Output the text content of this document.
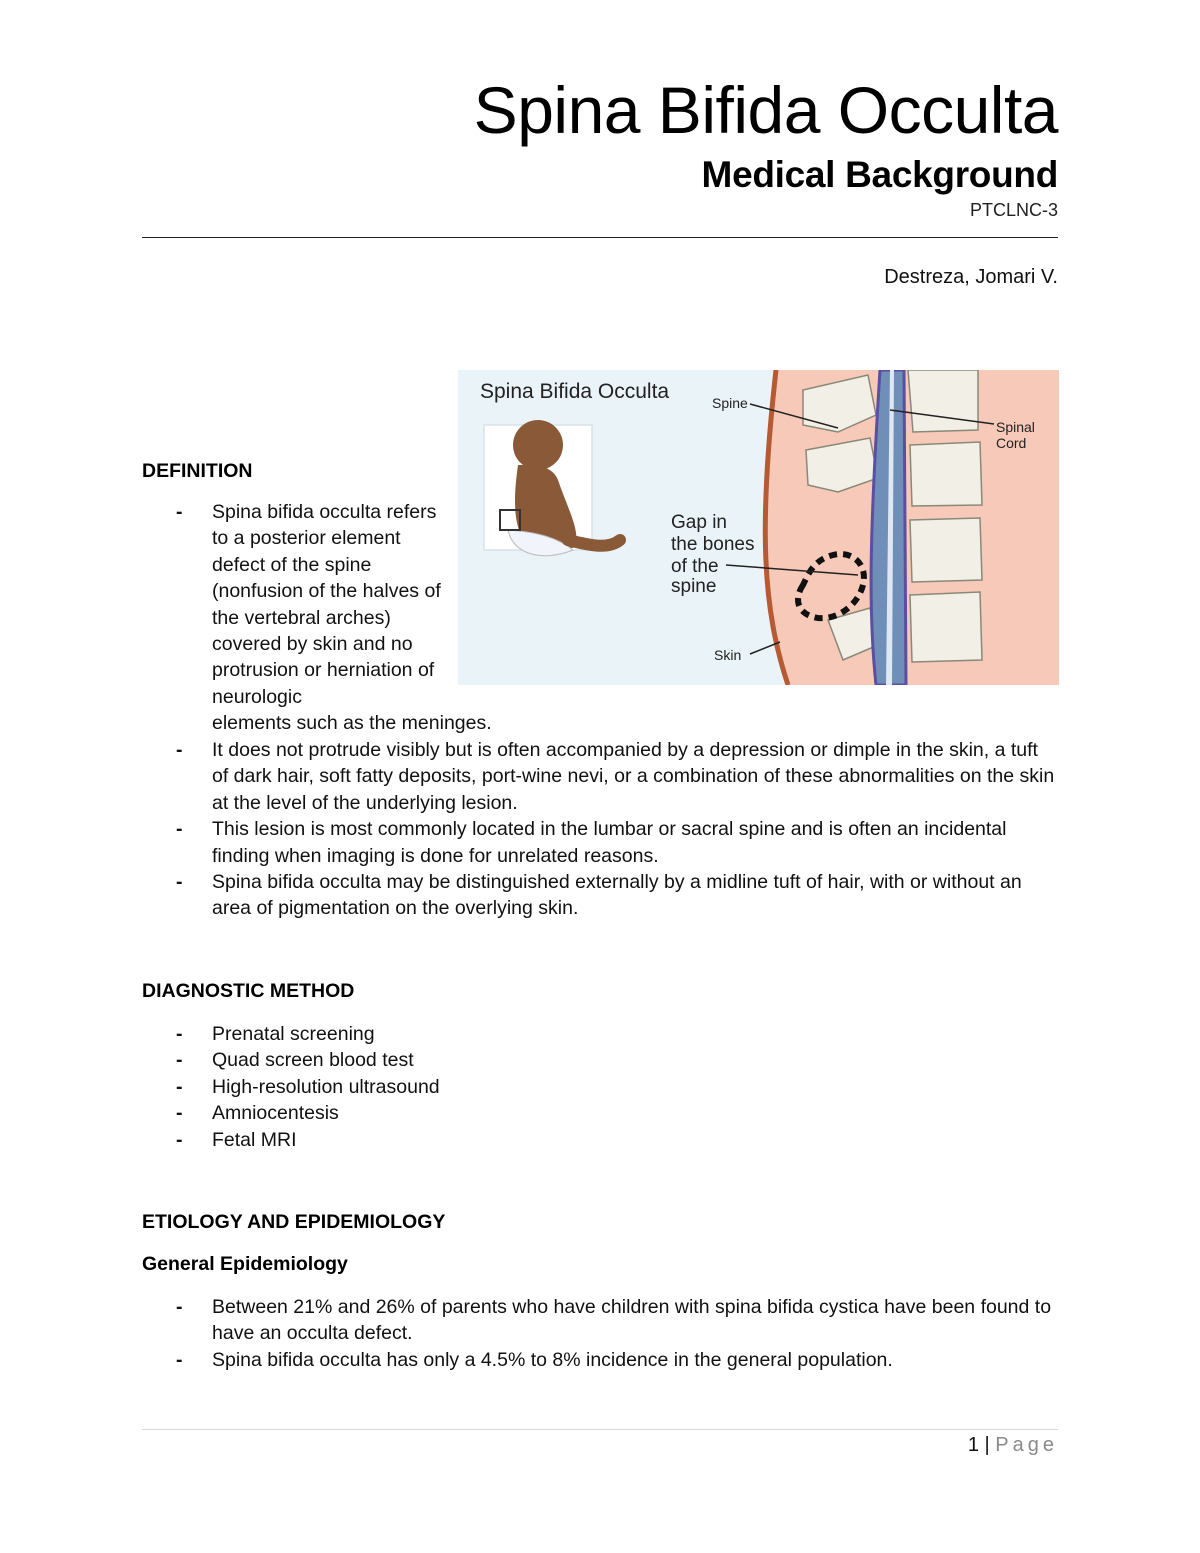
Spina Bifida Occulta
Medical Background
PTCLNC-3
Destreza, Jomari V.
Spina Bifida Occulta	Spine
Spinal
Cord
Gap in
the bones
of the
spine
Skin
DEFINITION
- Spina bifida occulta refers to a posterior element defect of the spine (nonfusion of the halves of the vertebral arches) covered by skin and no protrusion or herniation of neurologic
elements such as the meninges.
- It does not protrude visibly but is often accompanied by a depression or dimple in the skin, a tuft of dark hair, soft fatty deposits, port-wine nevi, or a combination of these abnormalities on the skin at the level of the underlying lesion.
- This lesion is most commonly located in the lumbar or sacral spine and is often an incidental finding when imaging is done for unrelated reasons.
- Spina bifida occulta may be distinguished externally by a midline tuft of hair, with or without an area of pigmentation on the overlying skin.
DIAGNOSTIC METHOD
- Prenatal screening
- Quad screen blood test
- High-resolution ultrasound
- Amniocentesis
- Fetal MRI
ETIOLOGY AND EPIDEMIOLOGY
General Epidemiology
- Between 21% and 26% of parents who have children with spina bifida cystica have been found to have an occulta defect.
- Spina bifida occulta has only a 4.5% to 8% incidence in the general population.
1 | Page
